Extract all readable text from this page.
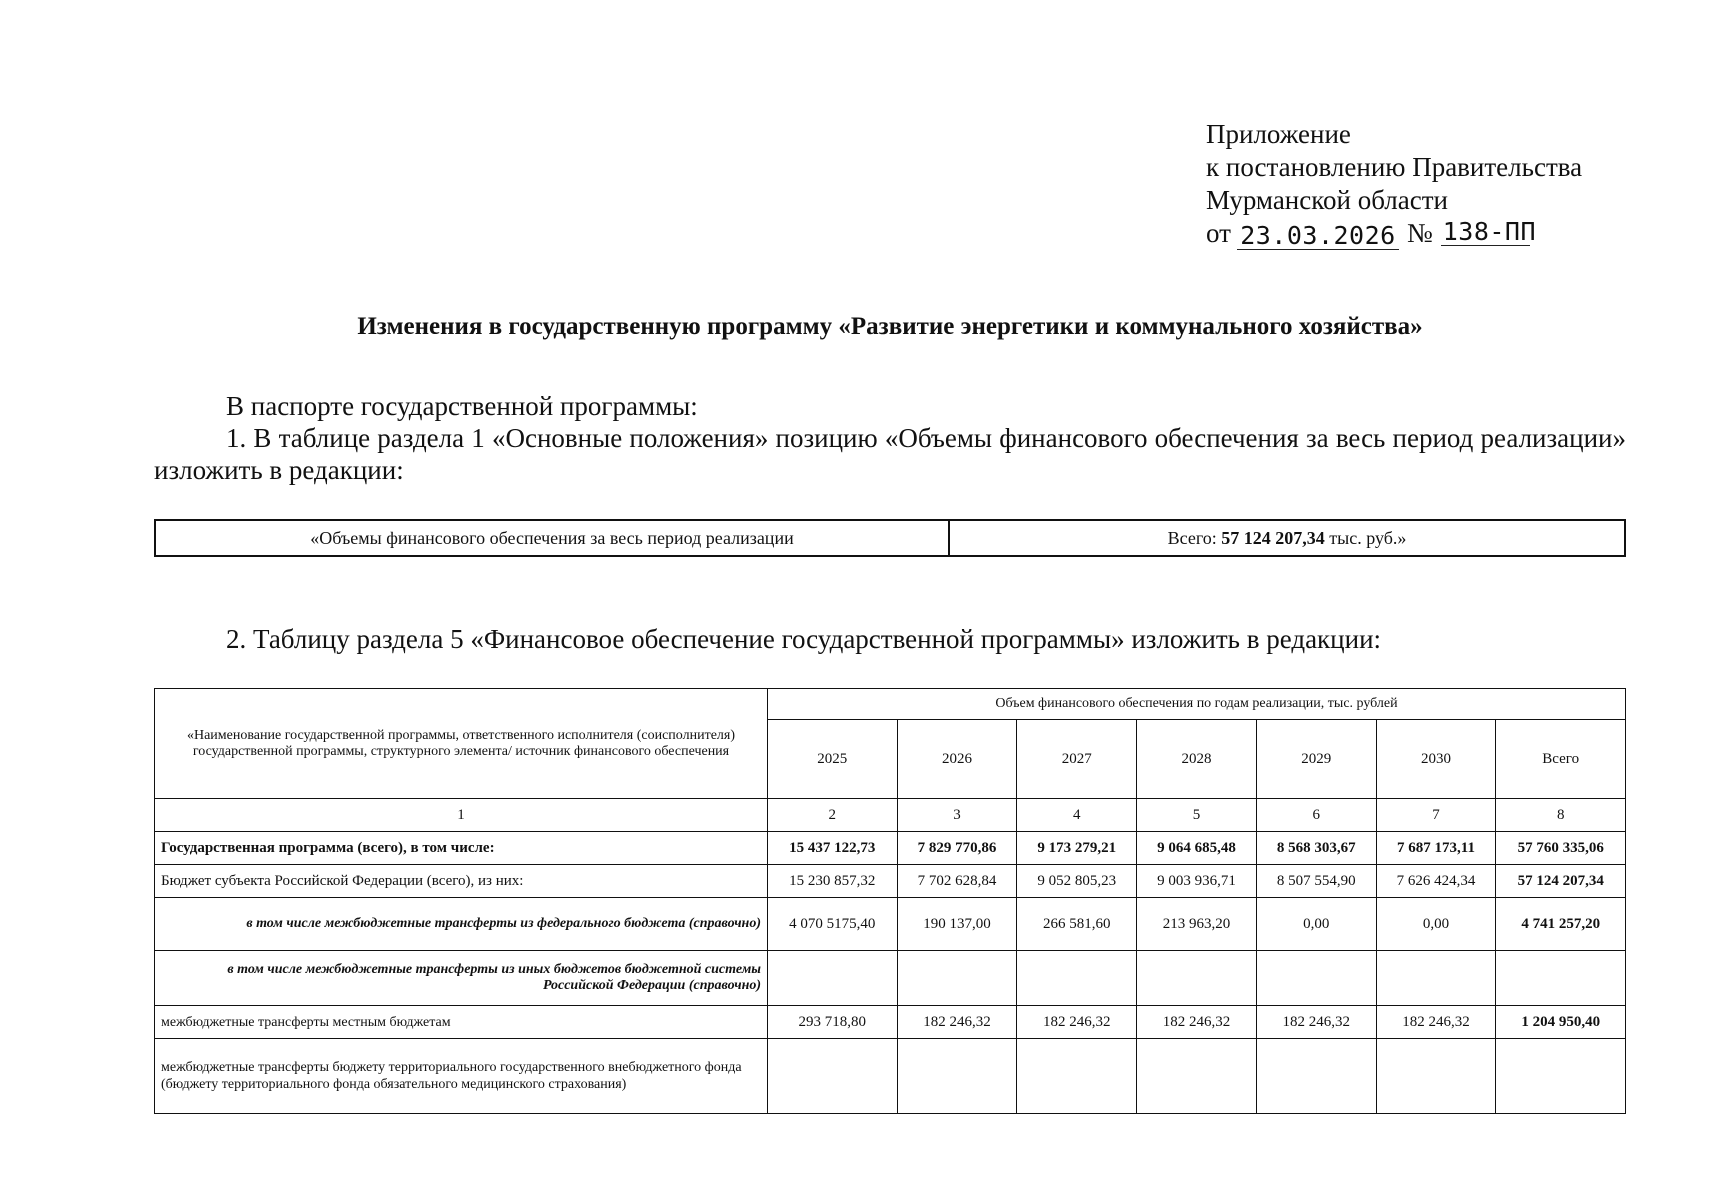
Приложение
к постановлению Правительства
Мурманской области
от 23.03.2026 № 138-ПП
Изменения в государственную программу «Развитие энергетики и коммунального хозяйства»
В паспорте государственной программы:
1. В таблице раздела 1 «Основные положения» позицию «Объемы финансового обеспечения за весь период реализации» изложить в редакции:
«Объемы финансового обеспечения за весь период реализации	Всего: 57 124 207,34 тыс. руб.»
2. Таблицу раздела 5 «Финансовое обеспечение государственной программы» изложить в редакции:
«Наименование государственной программы, ответственного исполнителя (соисполнителя) государственной программы, структурного элемента/ источник финансового обеспечения	Объем финансового обеспечения по годам реализации, тыс. рублей						
	2025	2026	2027	2028	2029	2030	Всего
1	2	3	4	5	6	7	8
Государственная программа (всего), в том числе:	15 437 122,73	7 829 770,86	9 173 279,21	9 064 685,48	8 568 303,67	7 687 173,11	57 760 335,06
Бюджет субъекта Российской Федерации (всего), из них:	15 230 857,32	7 702 628,84	9 052 805,23	9 003 936,71	8 507 554,90	7 626 424,34	57 124 207,34
в том числе межбюджетные трансферты из федерального бюджета (справочно)	4 070 5175,40	190 137,00	266 581,60	213 963,20	0,00	0,00	4 741 257,20
в том числе межбюджетные трансферты из иных бюджетов бюджетной системы Российской Федерации (справочно)							
межбюджетные трансферты местным бюджетам	293 718,80	182 246,32	182 246,32	182 246,32	182 246,32	182 246,32	1 204 950,40
межбюджетные трансферты бюджету территориального государственного внебюджетного фонда (бюджету территориального фонда обязательного медицинского страхования)							
